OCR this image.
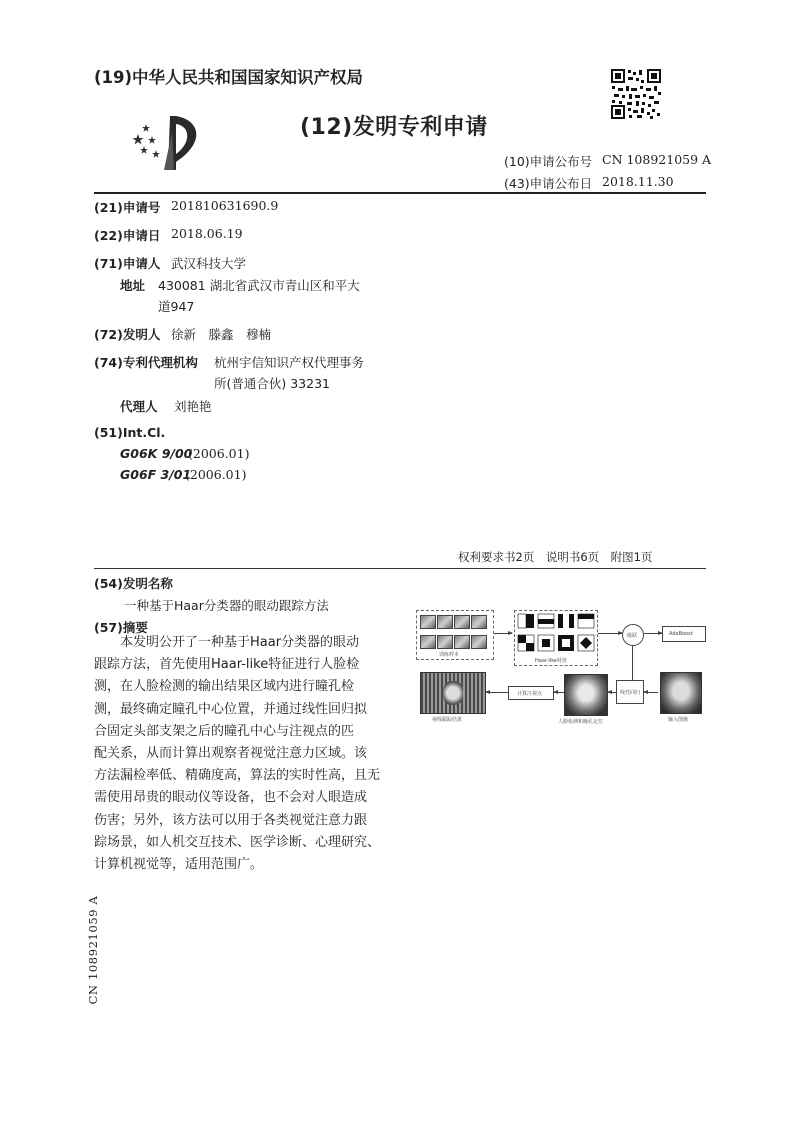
(19)中华人民共和国国家知识产权局
(12)发明专利申请
(10)申请公布号 CN 108921059 A
(43)申请公布日 2018.11.30
(21)申请号 201810631690.9
(22)申请日 2018.06.19
(71)申请人 武汉科技大学
地址 430081 湖北省武汉市青山区和平大
道947
(72)发明人 徐新　滕鑫　穆楠
(74)专利代理机构 杭州宇信知识产权代理事务
所(普通合伙) 33231
代理人 刘艳艳
(51)Int.Cl.
G06K 9/00
(2006.01)
G06F 3/01
(2006.01)
权利要求书2页　说明书6页　附图1页
(54)发明名称
一种基于Haar分类器的眼动跟踪方法
(57)摘要
本发明公开了一种基于Haar分类器的眼动
跟踪方法，首先使用Haar-like特征进行人脸检
测，在人脸检测的输出结果区域内进行瞳孔检
测，最终确定瞳孔中心位置，并通过线性回归拟
合固定头部支架之后的瞳孔中心与注视点的匹
配关系，从而计算出观察者视觉注意力区域。该
方法漏检率低、精确度高，算法的实时性高，且无
需使用昂贵的眼动仪等设备，也不会对人眼造成
伤害；另外，该方法可以用于各类视觉注意力跟
踪场景，如人机交互技术、医学诊断、心理研究、
计算机视觉等，适用范围广。
训练样本
Haar-like特征
级联	AdaBoost
视线跟踪结果
计算注视点
人脸检测和瞳孔定位
线性回归
输入图像
CN 108921059 A
